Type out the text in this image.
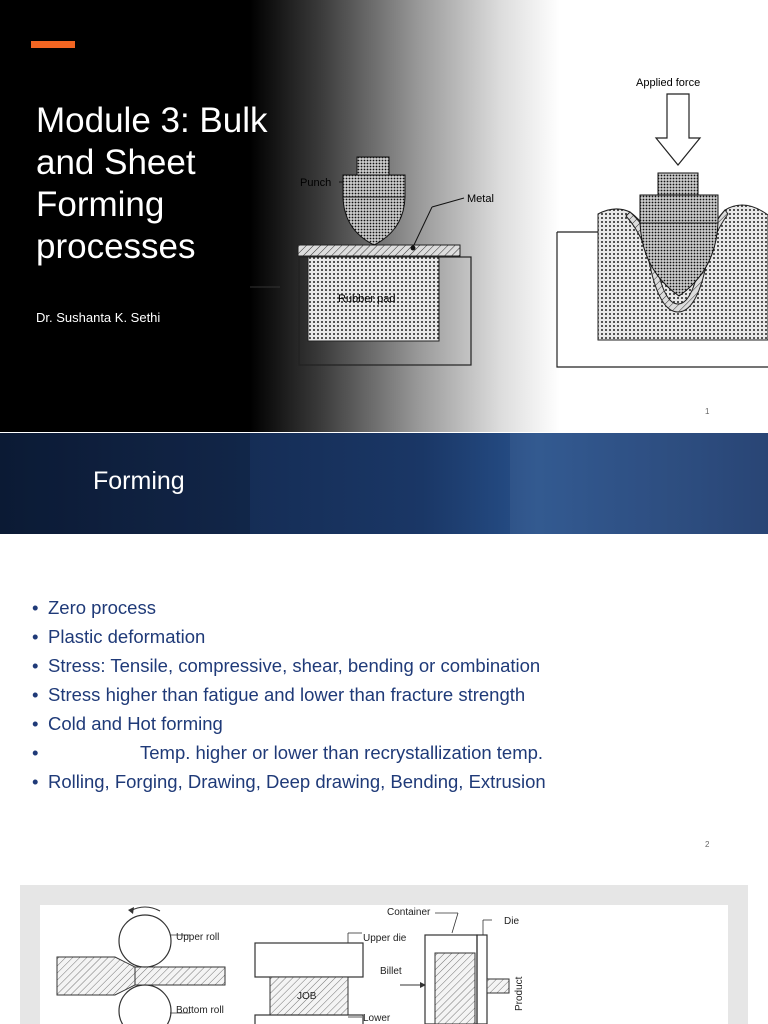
Module 3: Bulk and Sheet Forming processes
Dr. Sushanta K. Sethi
Punch
Metal
Rubber pad
Applied force
1
Forming
• Zero process
• Plastic deformation
• Stress: Tensile, compressive, shear, bending or combination
• Stress higher than fatigue and lower than fracture strength
• Cold and Hot forming
•	Temp. higher or lower than recrystallization temp.
• Rolling, Forging, Drawing, Deep drawing, Bending, Extrusion
2
Upper roll
Bottom roll
JOB
Upper die
Lower
Container
Die
Billet
Product
